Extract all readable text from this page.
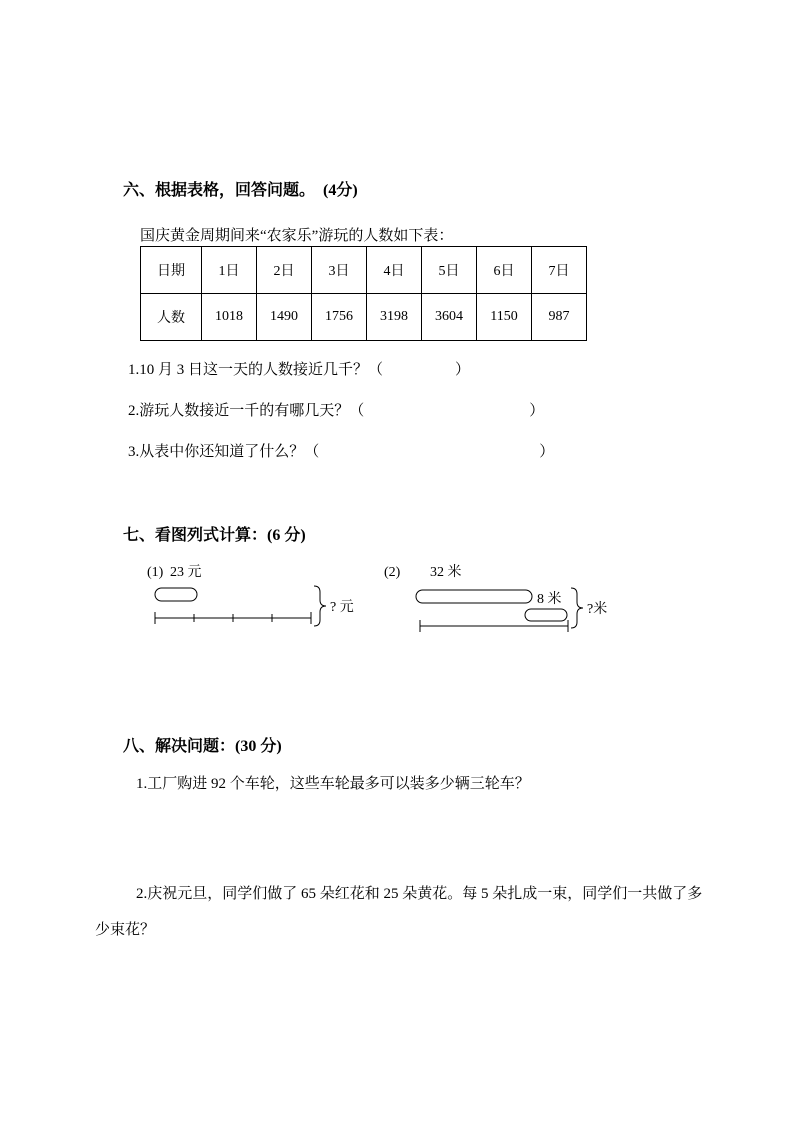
六、根据表格，回答问题。　(4分)
国庆黄金周期间来“农家乐”游玩的人数如下表：
日期	1日	2日	3日	4日	5日	6日	7日
人数	1018	1490	1756	3198	3604	1150	987
1.10 月 3 日这一天的人数接近几千？（	）
2.游玩人数接近一千的有哪几天？（	）
3.从表中你还知道了什么？（	）
七、看图列式计算：(6 分)
(1) 23 元
? 元
(2) 32 米
8 米
?米
八、解决问题：(30 分)
1.工厂购进 92 个车轮，这些车轮最多可以装多少辆三轮车？
2.庆祝元旦，同学们做了 65 朵红花和 25 朵黄花。每 5 朵扎成一束，同学们一共做了多
少束花？
